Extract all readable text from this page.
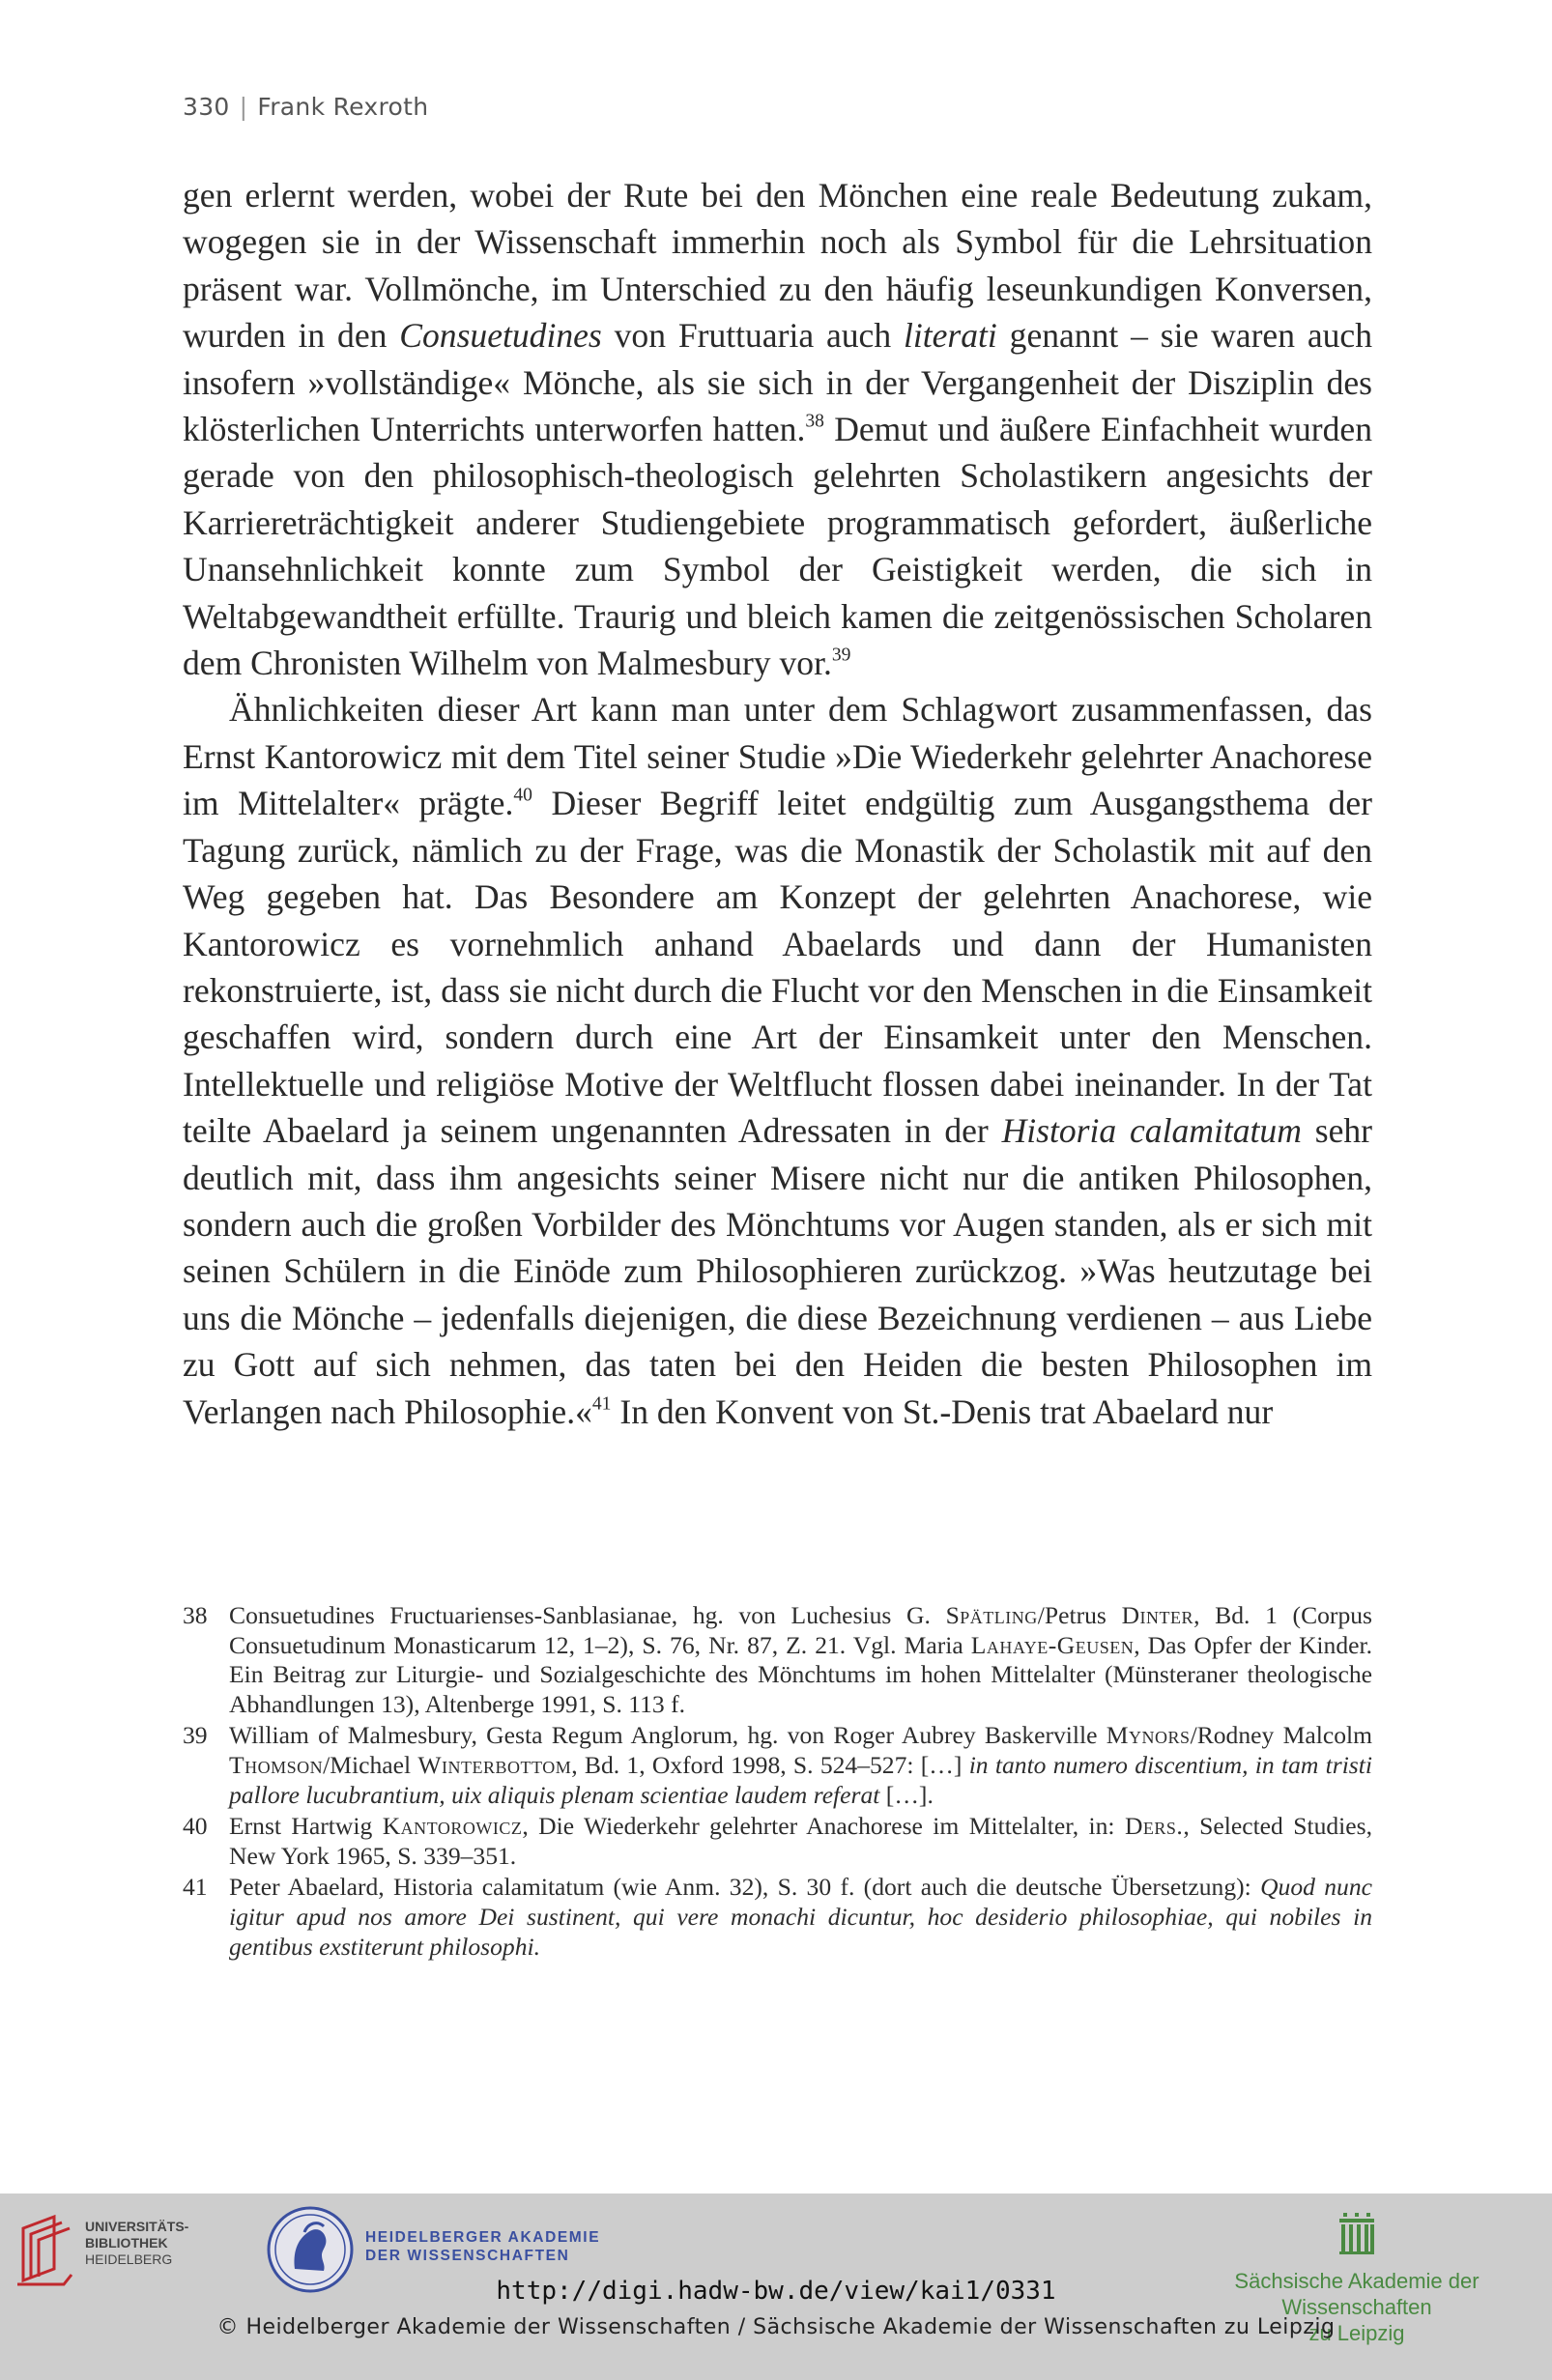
330 | Frank Rexroth

gen erlernt werden, wobei der Rute bei den Mönchen eine reale Bedeutung zukam, wogegen sie in der Wissenschaft immerhin noch als Symbol für die Lehrsituation präsent war. Vollmönche, im Unterschied zu den häufig leseunkundigen Konversen, wurden in den Consuetudines von Fruttuaria auch literati genannt – sie waren auch insofern »vollständige« Mönche, als sie sich in der Vergangenheit der Disziplin des klösterlichen Unterrichts unterworfen hatten.$^{38}$ Demut und äußere Einfachheit wurden gerade von den philosophisch-theologisch gelehrten Scholastikern angesichts der Karriereträchtigkeit anderer Studiengebiete programmatisch gefordert, äußerliche Unansehnlichkeit konnte zum Symbol der Geistigkeit werden, die sich in Weltabgewandtheit erfüllte. Traurig und bleich kamen die zeitgenössischen Scholaren dem Chronisten Wilhelm von Malmesbury vor.$^{39}$

Ähnlichkeiten dieser Art kann man unter dem Schlagwort zusammenfassen, das Ernst Kantorowicz mit dem Titel seiner Studie »Die Wiederkehr gelehrter Anachorese im Mittelalter« prägte.$^{40}$ Dieser Begriff leitet endgültig zum Ausgangsthema der Tagung zurück, nämlich zu der Frage, was die Monastik der Scholastik mit auf den Weg gegeben hat. Das Besondere am Konzept der gelehrten Anachorese, wie Kantorowicz es vornehmlich anhand Abaelards und dann der Humanisten rekonstruierte, ist, dass sie nicht durch die Flucht vor den Menschen in die Einsamkeit geschaffen wird, sondern durch eine Art der Einsamkeit unter den Menschen. Intellektuelle und religiöse Motive der Weltflucht flossen dabei ineinander. In der Tat teilte Abaelard ja seinem ungenannten Adressaten in der Historia calamitatum sehr deutlich mit, dass ihm angesichts seiner Misere nicht nur die antiken Philosophen, sondern auch die großen Vorbilder des Mönchtums vor Augen standen, als er sich mit seinen Schülern in die Einöde zum Philosophieren zurückzog. »Was heutzutage bei uns die Mönche – jedenfalls diejenigen, die diese Bezeichnung verdienen – aus Liebe zu Gott auf sich nehmen, das taten bei den Heiden die besten Philosophen im Verlangen nach Philosophie.«$^{41}$ In den Konvent von St.-Denis trat Abaelard nur

38 Consuetudines Fructuarienses-Sanblasianae, hg. von Luchesius G. Spätling/Petrus Dinter, Bd. 1 (Corpus Consuetudinum Monasticarum 12, 1–2), S. 76, Nr. 87, Z. 21. Vgl. Maria Lahaye-Geusen, Das Opfer der Kinder. Ein Beitrag zur Liturgie- und Sozialgeschichte des Mönchtums im hohen Mittelalter (Münsteraner theologische Abhandlungen 13), Altenberge 1991, S. 113 f.
39 William of Malmesbury, Gesta Regum Anglorum, hg. von Roger Aubrey Baskerville Mynors/Rodney Malcolm Thomson/Michael Winterbottom, Bd. 1, Oxford 1998, S. 524–527: […] in tanto numero discentium, in tam tristi pallore lucubrantium, uix aliquis plenam scientiae laudem referat […].
40 Ernst Hartwig Kantorowicz, Die Wiederkehr gelehrter Anachorese im Mittelalter, in: Ders., Selected Studies, New York 1965, S. 339–351.
41 Peter Abaelard, Historia calamitatum (wie Anm. 32), S. 30 f. (dort auch die deutsche Übersetzung): Quod nunc igitur apud nos amore Dei sustinent, qui vere monachi dicuntur, hoc desiderio philosophiae, qui nobiles in gentibus exstiterunt philosophi.
UNIVERSITÄTS-
BIBLIOTHEK
HEIDELBERG
HEIDELBERGER AKADEMIE
DER WISSENSCHAFTEN
Sächsische Akademie der Wissenschaften
zu Leipzig
http://digi.hadw-bw.de/view/kai1/0331
© Heidelberger Akademie der Wissenschaften / Sächsische Akademie der Wissenschaften zu Leipzig
